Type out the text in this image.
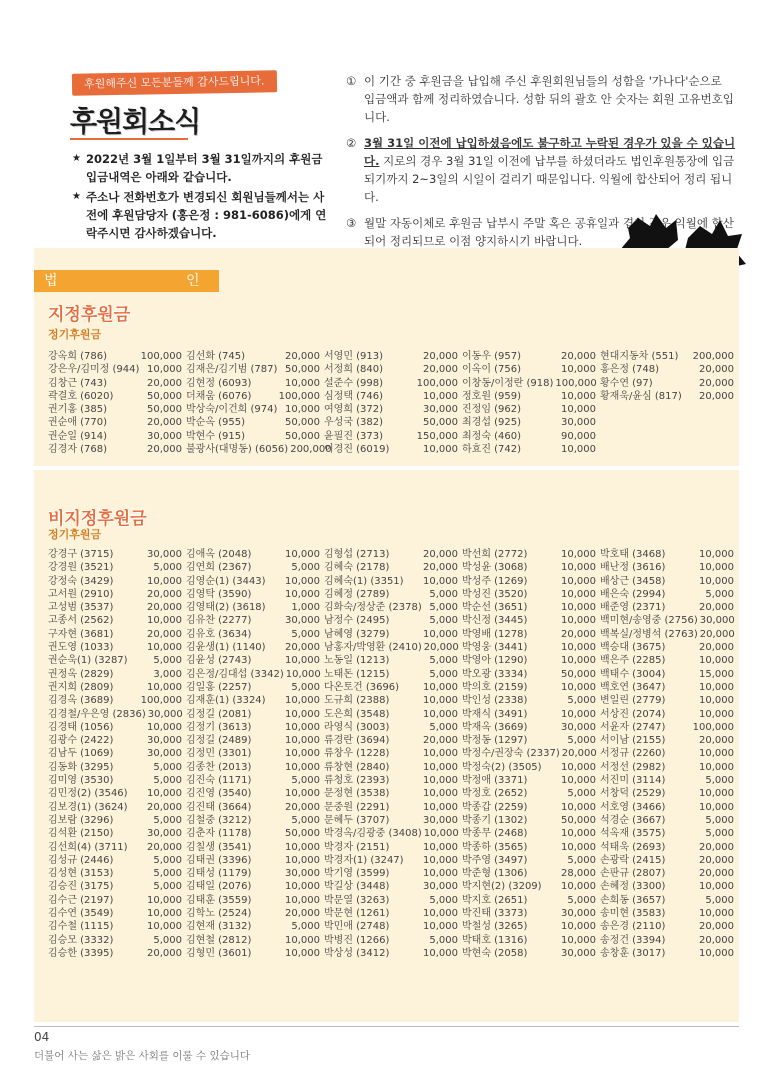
후원해주신 모든분들께 감사드립니다.
후원회소식
★ 2022년 3월 1일부터 3월 31일까지의 후원금 입금내역은 아래와 같습니다.
★ 주소나 전화번호가 변경되신 회원님들께서는 사전에 후원담당자 (홍은정 : 981-6086)에게 연락주시면 감사하겠습니다.
① 이 기간 중 후원금을 납입해 주신 후원회원님들의 성함을 '가나다'순으로 입금액과 함께 정리하였습니다. 성함 뒤의 괄호 안 숫자는 회원 고유번호입니다.
② 3월 31일 이전에 납입하셨음에도 불구하고 누락된 경우가 있을 수 있습니다. 지로의 경우 3월 31일 이전에 납부를 하셨더라도 법인후원통장에 입금되기까지 2~3일의 시일이 걸리기 때문입니다. 익월에 합산되어 정리 됩니다.
③ 월말 자동이체로 후원금 납부시 주말 혹은 공휴일과 겹칠 경우 익월에 합산되어 정리되므로 이점 양지하시기 바랍니다.
법	인
지정후원금
정기후원금
강옥희 (786)	100,000
강은우/김미정 (944) 10,000
김창근 (743)	20,000
곽결호 (6020)	50,000
권기홍 (385)	50,000
권순애 (770)	20,000
권순일 (914)	30,000
김경자 (768)	20,000
김선화 (745)	20,000
김재은/김기범 (787) 50,000
김현정 (6093)	10,000
더채움 (6076)	100,000
박상숙/이건희 (974) 10,000
박순옥 (955)	50,000
박현수 (915)	50,000
불광사(대명동) (6056) 200,000
서영민 (913)	20,000
서정희 (840)	20,000
설준수 (998)	100,000
심정택 (746)	10,000
여영희 (372)	30,000
우성국 (382)	50,000
윤필진 (373)	150,000
이경진 (6019)	10,000
이동우 (957)	20,000
이옥이 (756)	10,000
이창동/이정란 (918) 100,000
정호원 (959)	10,000
진정임 (962)	10,000
최경섭 (925)	30,000
최정숙 (460)	90,000
하효진 (742)	10,000
현대지동차 (551) 200,000
홍은정 (748)	20,000
황수연 (97)	20,000
황재욱/윤심 (817) 20,000
비지정후원금
정기후원금
강경구 (3715)	30,000
강경원 (3521)	5,000
강정숙 (3429)	10,000
고서원 (2910)	20,000
고성범 (3537)	20,000
고종서 (2562)	10,000
구자현 (3681)	20,000
권도영 (1033)	10,000
권순욱(1) (3287)	5,000
권정옥 (2829)	3,000
권지희 (2809)	10,000
김경옥 (3689)	100,000
김경철/우은영 (2836) 30,000
김경태 (1056)	10,000
김광수 (2422)	30,000
김남두 (1069)	30,000
김동화 (3295)	5,000
김미영 (3530)	5,000
김민정(2) (3546) 10,000
김보경(1) (3624) 20,000
김보람 (3296)	5,000
김석환 (2150)	30,000
김선희(4) (3711) 20,000
김성규 (2446)	5,000
김성현 (3153)	5,000
김승진 (3175)	5,000
김수근 (2197)	10,000
김수연 (3549)	10,000
김수철 (1115)	10,000
김승모 (3332)	5,000
김승한 (3395)	20,000
김애옥 (2048)	10,000
김연희 (2367)	5,000
김영순(1) (3443) 10,000
김영탁 (3590)	10,000
김영태(2) (3618)	1,000
김유찬 (2277)	30,000
김유호 (3634)	5,000
김윤생(1) (1140) 20,000
김윤성 (2743)	10,000
김은정/김대섭 (3342) 10,000
김일홍 (2257)	5,000
김재훈(1) (3324) 10,000
김정길 (2081)	10,000
김정기 (3613)	10,000
김정길 (2489)	10,000
김정민 (3301)	10,000
김종찬 (2013)	10,000
김진숙 (1171)	5,000
김진영 (3540)	10,000
김진태 (3664)	20,000
김철중 (3212)	5,000
김춘자 (1178)	50,000
김칠생 (3541)	10,000
김태권 (3396)	10,000
김태성 (1179)	30,000
김태일 (2076)	10,000
김태훈 (3559)	10,000
김학노 (2524)	20,000
김현재 (3132)	5,000
김현철 (2812)	10,000
김형민 (3601)	10,000
김형섭 (2713)	20,000
김혜숙 (2178)	20,000
김혜숙(1) (3351) 10,000
김혜정 (2789)	5,000
김화숙/정상준 (2378) 5,000
남정수 (2495)	5,000
남혜영 (3279)	10,000
남홍자/박영환 (2410) 20,000
노동일 (1213)	5,000
노태돈 (1215)	5,000
다온토건 (3696) 10,000
도규희 (2388)	10,000
도은희 (3548)	10,000
라영식 (3003)	5,000
류경란 (3694)	20,000
류창우 (1228)	10,000
류창현 (2840)	10,000
류청호 (2393)	10,000
문정현 (3538)	10,000
문중원 (2291)	10,000
문혜두 (3707)	30,000
박경옥/김광중 (3408) 10,000
박경자 (2151)	10,000
박경자(1) (3247) 10,000
박기영 (3599)	10,000
박길상 (3448)	30,000
박문열 (3263)	5,000
박문현 (1261)	10,000
박민애 (2748)	10,000
박병진 (1266)	5,000
박상성 (3412)	10,000
박선희 (2772)	10,000
박성윤 (3068)	10,000
박성주 (1269)	10,000
박성진 (3520)	10,000
박순선 (3651)	10,000
박신정 (3445)	10,000
박영배 (1278)	20,000
박영웅 (3441)	10,000
박영아 (1290)	10,000
박오광 (3334)	50,000
박의호 (2159)	10,000
박인성 (2338)	5,000
박재식 (3491)	10,000
박재옥 (3669)	30,000
박정동 (1297)	5,000
박정수/권장숙 (2337) 20,000
박정숙(2) (3505) 10,000
박정애 (3371)	10,000
박정호 (2652)	5,000
박종갑 (2259)	10,000
박종기 (1302)	50,000
박종무 (2468)	10,000
박종하 (3565)	10,000
박주영 (3497)	5,000
박준형 (1306)	28,000
박지현(2) (3209) 10,000
박지호 (2651)	5,000
박진태 (3373)	30,000
박철성 (3265)	10,000
박태호 (1316)	10,000
박현숙 (2058)	30,000
박호태 (3468)	10,000
배난정 (3616)	10,000
배상근 (3458)	10,000
배은숙 (2994)	5,000
배준영 (2371)	20,000
백미현/송영중 (2756) 30,000
백복실/정병석 (2763) 20,000
백승대 (3675)	20,000
백은주 (2285)	10,000
백태수 (3004)	15,000
백호연 (3647)	10,000
변일린 (2779)	10,000
서상진 (2074)	10,000
서윤자 (2747)	100,000
서이남 (2155)	20,000
서정규 (2260)	10,000
서정선 (2982)	10,000
서진미 (3114)	5,000
서창덕 (2529)	10,000
서호영 (3466)	10,000
석경순 (3667)	5,000
석옥재 (3575)	5,000
석태욱 (2693)	20,000
손광락 (2415)	20,000
손판규 (2807)	20,000
손혜정 (3300)	10,000
손희동 (3657)	5,000
송미현 (3583)	10,000
송은경 (2110)	20,000
송정건 (3394)	20,000
송창훈 (3017)	10,000
04
더불어 사는 삶은 밝은 사회를 이룰 수 있습니다
